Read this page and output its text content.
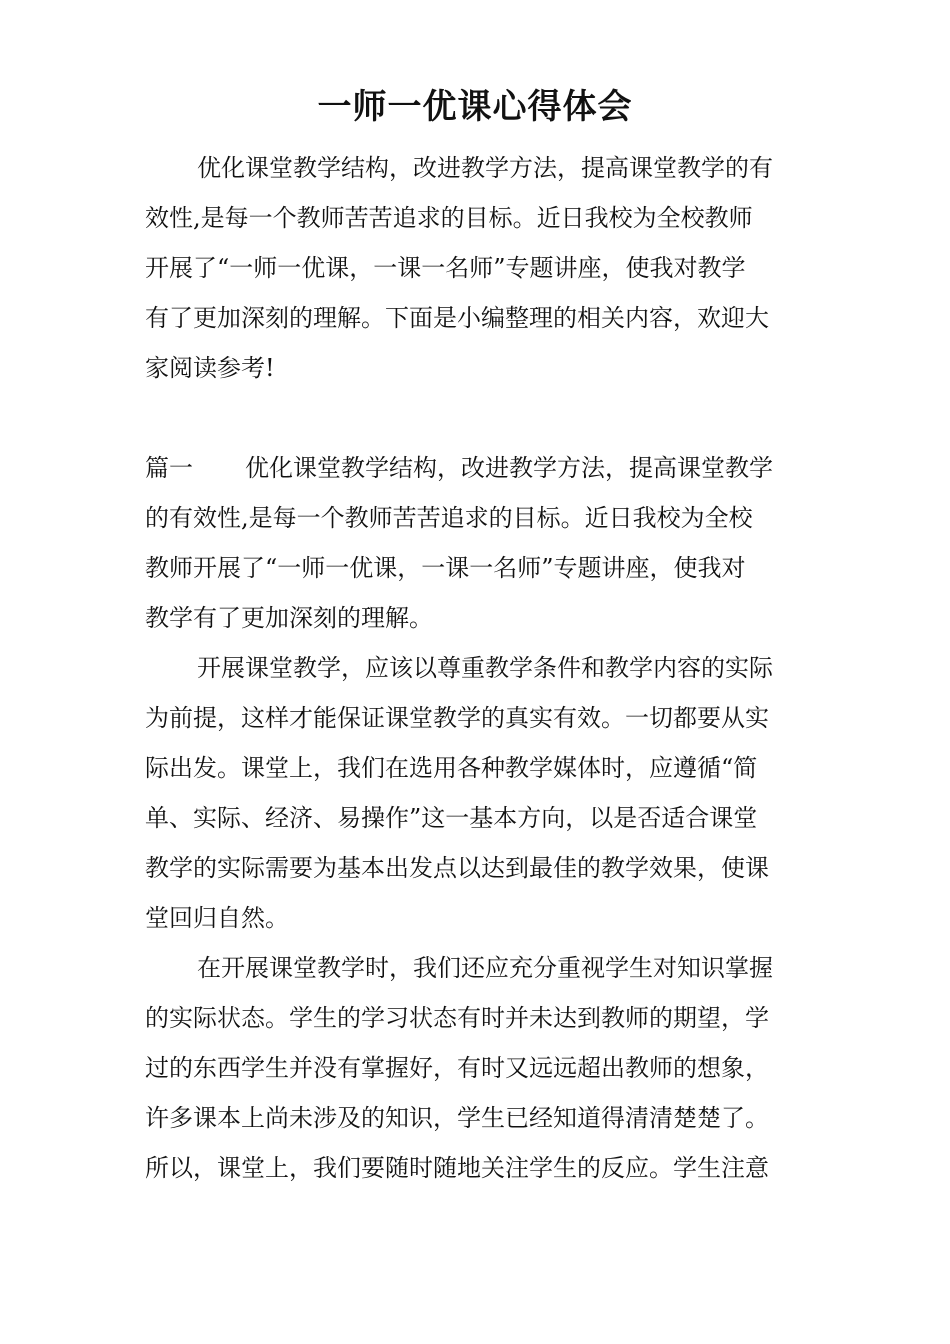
一师一优课心得体会
优化课堂教学结构，改进教学方法，提高课堂教学的有
效性,是每一个教师苦苦追求的目标。近日我校为全校教师
开展了“一师一优课，一课一名师”专题讲座，使我对教学
有了更加深刻的理解。下面是小编整理的相关内容，欢迎大
家阅读参考!
篇一 优化课堂教学结构，改进教学方法，提高课堂教学
的有效性,是每一个教师苦苦追求的目标。近日我校为全校
教师开展了“一师一优课，一课一名师”专题讲座，使我对
教学有了更加深刻的理解。
开展课堂教学，应该以尊重教学条件和教学内容的实际
为前提，这样才能保证课堂教学的真实有效。一切都要从实
际出发。课堂上，我们在选用各种教学媒体时，应遵循“简
单、实际、经济、易操作”这一基本方向，以是否适合课堂
教学的实际需要为基本出发点以达到最佳的教学效果，使课
堂回归自然。
在开展课堂教学时，我们还应充分重视学生对知识掌握
的实际状态。学生的学习状态有时并未达到教师的期望，学
过的东西学生并没有掌握好，有时又远远超出教师的想象，
许多课本上尚未涉及的知识，学生已经知道得清清楚楚了。
所以，课堂上，我们要随时随地关注学生的反应。学生注意
